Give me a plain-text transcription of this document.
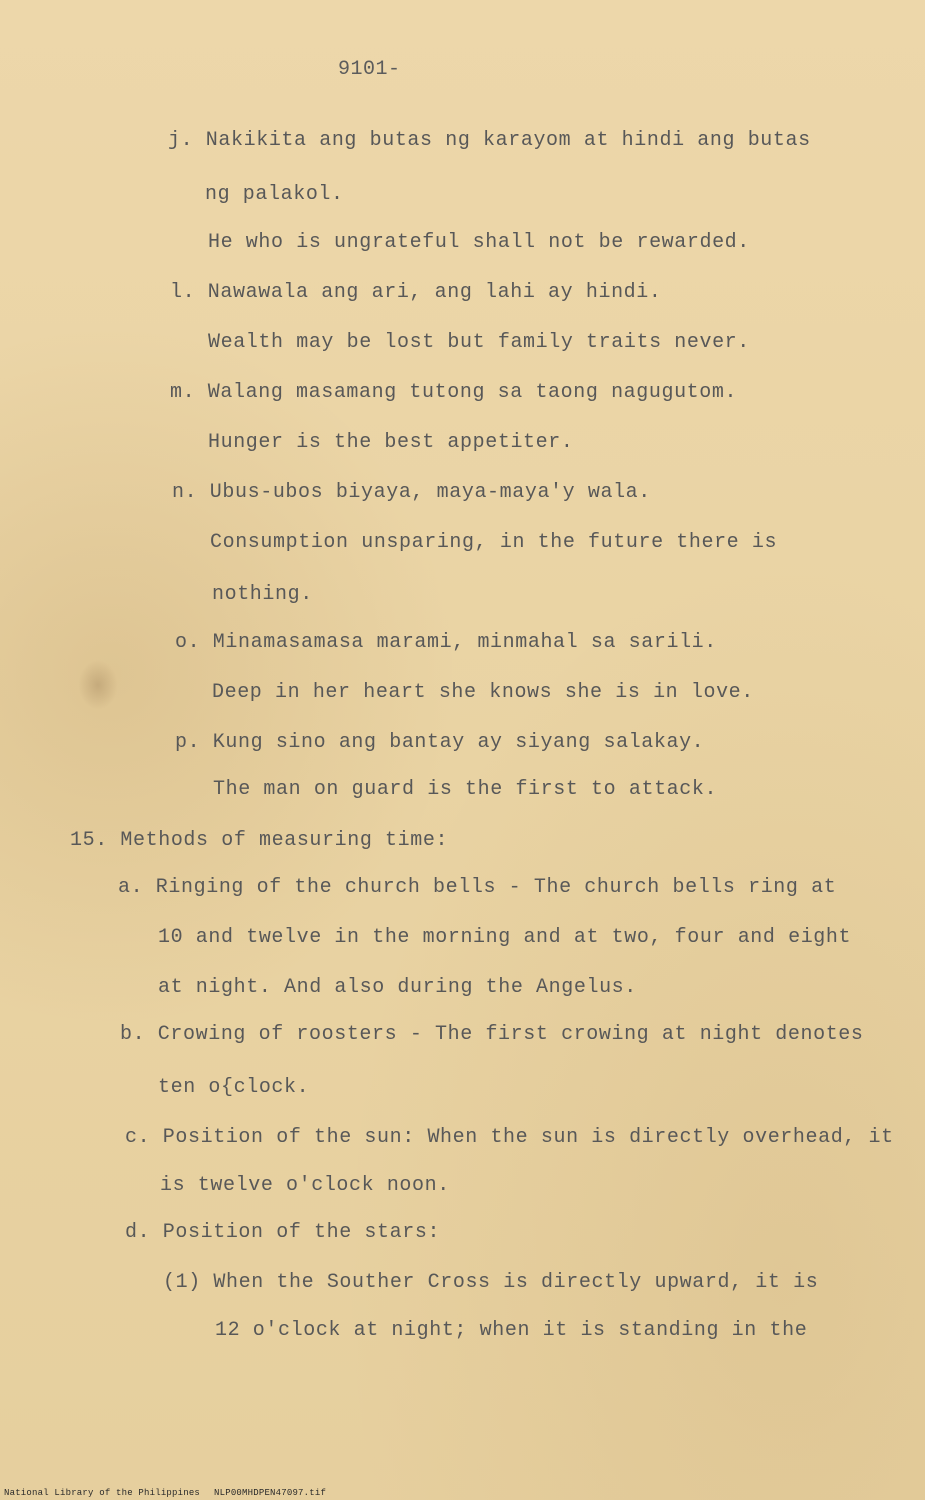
9101-
j. Nakikita ang butas ng karayom at hindi ang butas
ng palakol.
He who is ungrateful shall not be rewarded.
l. Nawawala ang ari, ang lahi ay hindi.
Wealth may be lost but family traits never.
m. Walang masamang tutong sa taong nagugutom.
Hunger is the best appetiter.
n. Ubus-ubos biyaya, maya-maya'y wala.
Consumption unsparing, in the future there is
nothing.
o. Minamasamasa marami, minmahal sa sarili.
Deep in her heart she knows she is in love.
p. Kung sino ang bantay ay siyang salakay.
The man on guard is the first to attack.
15. Methods of measuring time:
a. Ringing of the church bells - The church bells ring at
10 and twelve in the morning and at two, four and eight
at night. And also during the Angelus.
b. Crowing of roosters - The first crowing at night denotes
ten o{clock.
c. Position of the sun: When the sun is directly overhead, it
is twelve o'clock noon.
d. Position of the stars:
(1) When the Souther Cross is directly upward, it is
12 o'clock at night; when it is standing in the
National Library of the Philippines NLP00MHDPEN47097.tif
